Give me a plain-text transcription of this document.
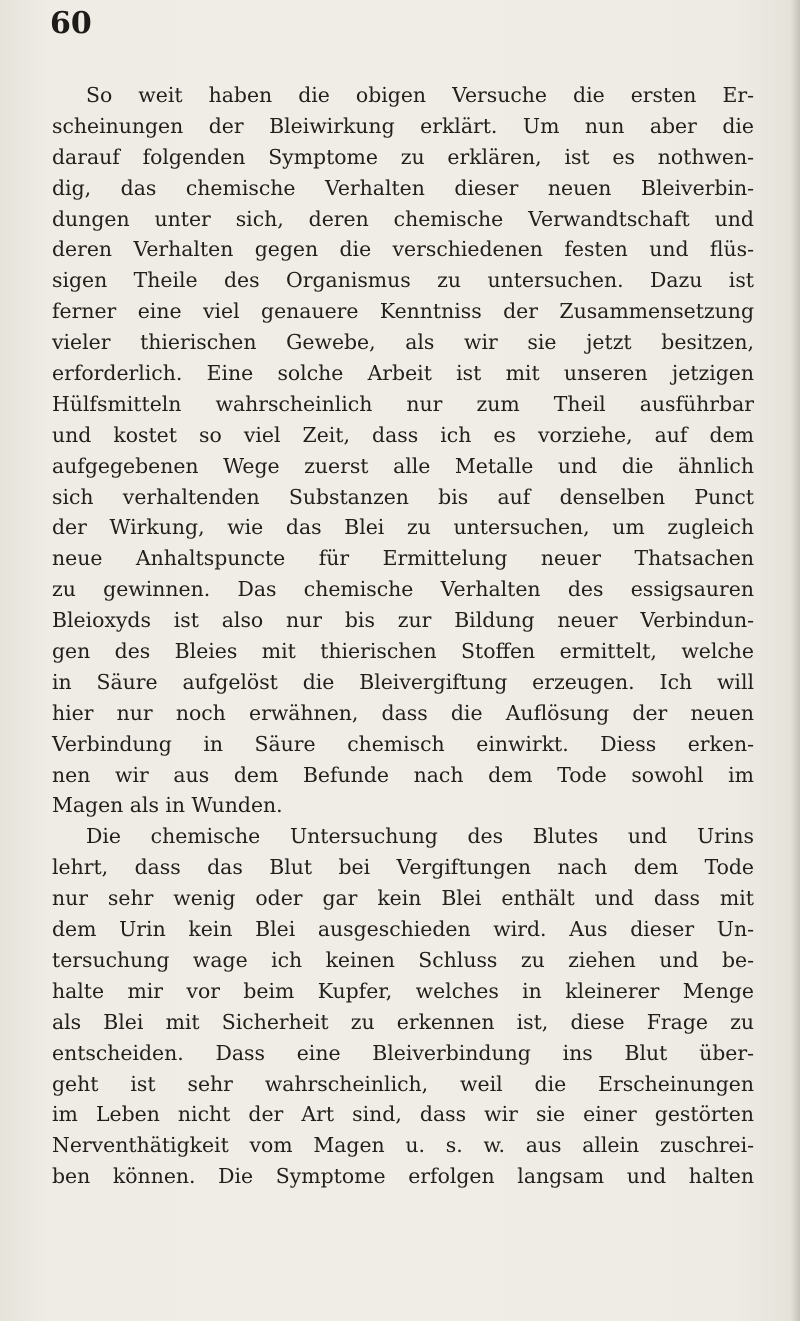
60
So weit haben die obigen Versuche die ersten Er-
scheinungen der Bleiwirkung erklärt. Um nun aber die
darauf folgenden Symptome zu erklären, ist es nothwen-
dig, das chemische Verhalten dieser neuen Bleiverbin-
dungen unter sich, deren chemische Verwandtschaft und
deren Verhalten gegen die verschiedenen festen und flüs-
sigen Theile des Organismus zu untersuchen. Dazu ist
ferner eine viel genauere Kenntniss der Zusammensetzung
vieler thierischen Gewebe, als wir sie jetzt besitzen,
erforderlich. Eine solche Arbeit ist mit unseren jetzigen
Hülfsmitteln wahrscheinlich nur zum Theil ausführbar
und kostet so viel Zeit, dass ich es vorziehe, auf dem
aufgegebenen Wege zuerst alle Metalle und die ähnlich
sich verhaltenden Substanzen bis auf denselben Punct
der Wirkung, wie das Blei zu untersuchen, um zugleich
neue Anhaltspuncte für Ermittelung neuer Thatsachen
zu gewinnen. Das chemische Verhalten des essigsauren
Bleioxyds ist also nur bis zur Bildung neuer Verbindun-
gen des Bleies mit thierischen Stoffen ermittelt, welche
in Säure aufgelöst die Bleivergiftung erzeugen. Ich will
hier nur noch erwähnen, dass die Auflösung der neuen
Verbindung in Säure chemisch einwirkt. Diess erken-
nen wir aus dem Befunde nach dem Tode sowohl im
Magen als in Wunden.
Die chemische Untersuchung des Blutes und Urins
lehrt, dass das Blut bei Vergiftungen nach dem Tode
nur sehr wenig oder gar kein Blei enthält und dass mit
dem Urin kein Blei ausgeschieden wird. Aus dieser Un-
tersuchung wage ich keinen Schluss zu ziehen und be-
halte mir vor beim Kupfer, welches in kleinerer Menge
als Blei mit Sicherheit zu erkennen ist, diese Frage zu
entscheiden. Dass eine Bleiverbindung ins Blut über-
geht ist sehr wahrscheinlich, weil die Erscheinungen
im Leben nicht der Art sind, dass wir sie einer gestörten
Nerventhätigkeit vom Magen u. s. w. aus allein zuschrei-
ben können. Die Symptome erfolgen langsam und halten
